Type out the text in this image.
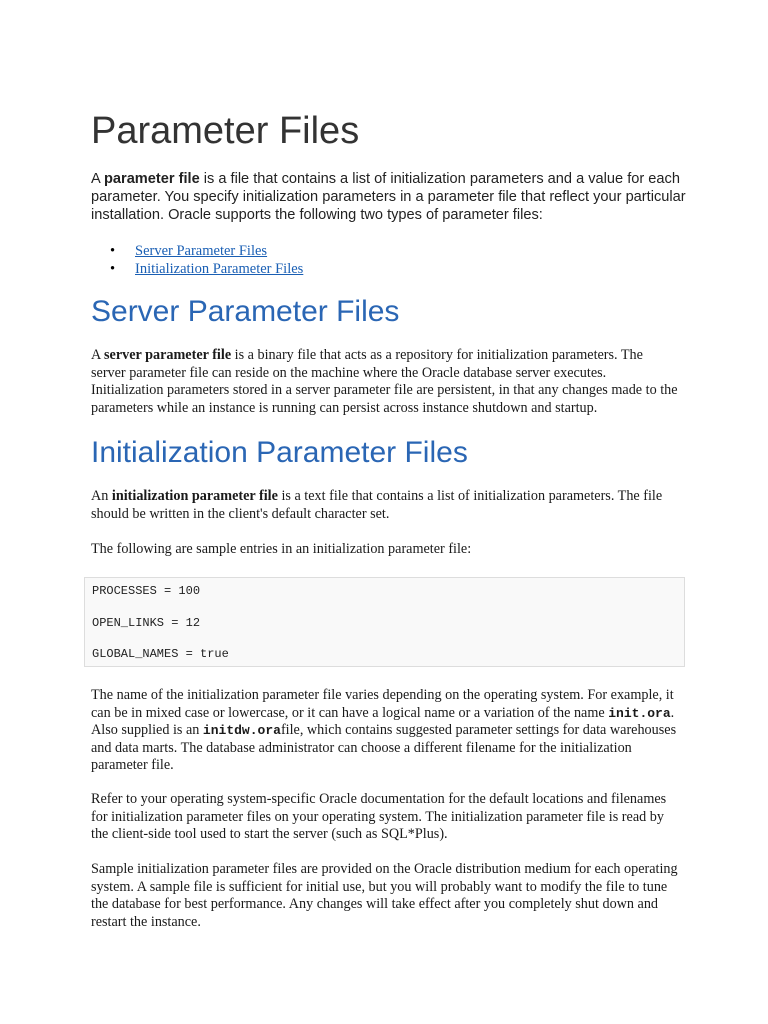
Parameter Files

A parameter file is a file that contains a list of initialization parameters and a value for each parameter. You specify initialization parameters in a parameter file that reflect your particular installation. Oracle supports the following two types of parameter files:

• Server Parameter Files
• Initialization Parameter Files
Server Parameter Files

A server parameter file is a binary file that acts as a repository for initialization parameters. The server parameter file can reside on the machine where the Oracle database server executes. Initialization parameters stored in a server parameter file are persistent, in that any changes made to the parameters while an instance is running can persist across instance shutdown and startup.

Initialization Parameter Files

An initialization parameter file is a text file that contains a list of initialization parameters. The file should be written in the client's default character set.

The following are sample entries in an initialization parameter file:

PROCESSES = 100
OPEN_LINKS = 12
GLOBAL_NAMES = true

The name of the initialization parameter file varies depending on the operating system. For example, it can be in mixed case or lowercase, or it can have a logical name or a variation of the name init.ora. Also supplied is an initdw.orafile, which contains suggested parameter settings for data warehouses and data marts. The database administrator can choose a different filename for the initialization parameter file.

Refer to your operating system-specific Oracle documentation for the default locations and filenames for initialization parameter files on your operating system. The initialization parameter file is read by the client-side tool used to start the server (such as SQL*Plus).

Sample initialization parameter files are provided on the Oracle distribution medium for each operating system. A sample file is sufficient for initial use, but you will probably want to modify the file to tune the database for best performance. Any changes will take effect after you completely shut down and restart the instance.
